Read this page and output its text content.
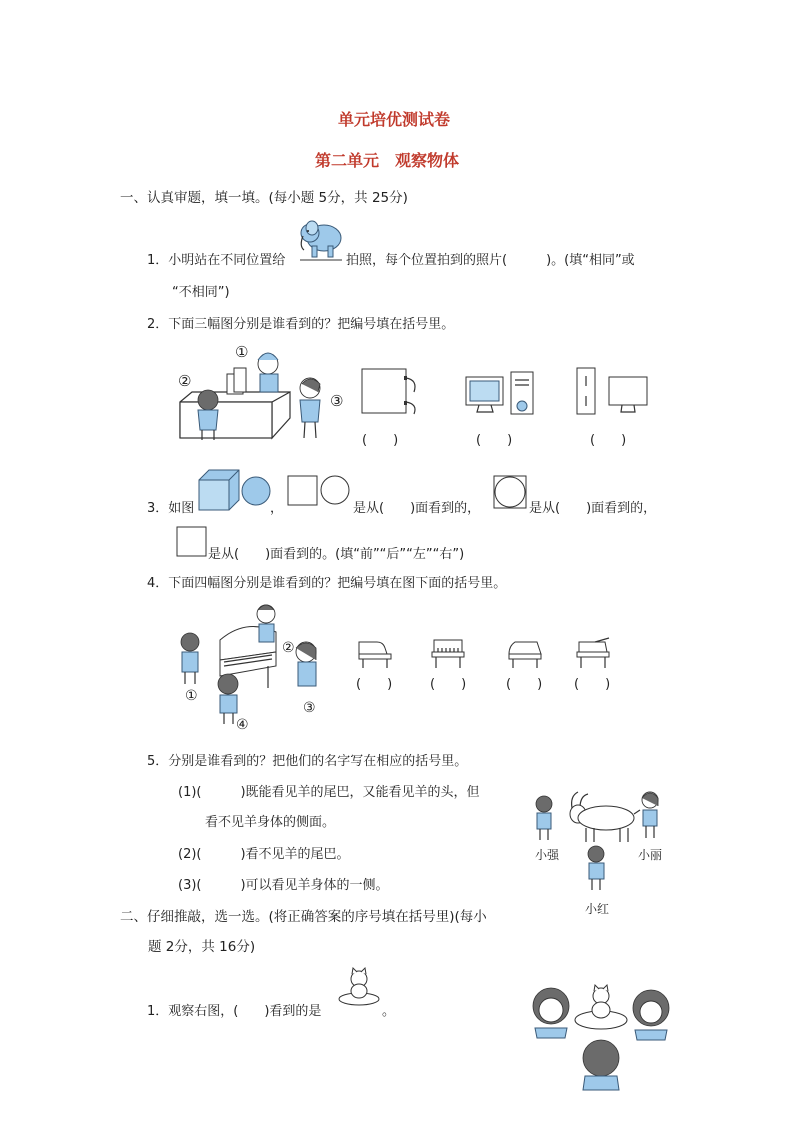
单元培优测试卷
第二单元　观察物体
一、认真审题，填一填。(每小题 5分，共 25分)
1．小明站在不同位置给	拍照，每个位置拍到的照片(　　　)。(填“相同”或
“不相同”)
2．下面三幅图分别是谁看到的？把编号填在括号里。
①
②
③
(　　)	(　　)	(　　)
3．如图	，	是从(　　)面看到的，	是从(　　)面看到的，
是从(　　)面看到的。(填“前”“后”“左”“右”)
4．下面四幅图分别是谁看到的？把编号填在图下面的括号里。
①
②
③
④
(　　)	(　　)	(　　) (　　)
5．分别是谁看到的？把他们的名字写在相应的括号里。
(1)(　　　)既能看见羊的尾巴，又能看见羊的头，但
看不见羊身体的侧面。
(2)(　　　)看不见羊的尾巴。
(3)(　　　)可以看见羊身体的一侧。
小强	小丽
小红
二、仔细推敲，选一选。(将正确答案的序号填在括号里)(每小
题 2分，共 16分)
1．观察右图，(　　)看到的是	。
